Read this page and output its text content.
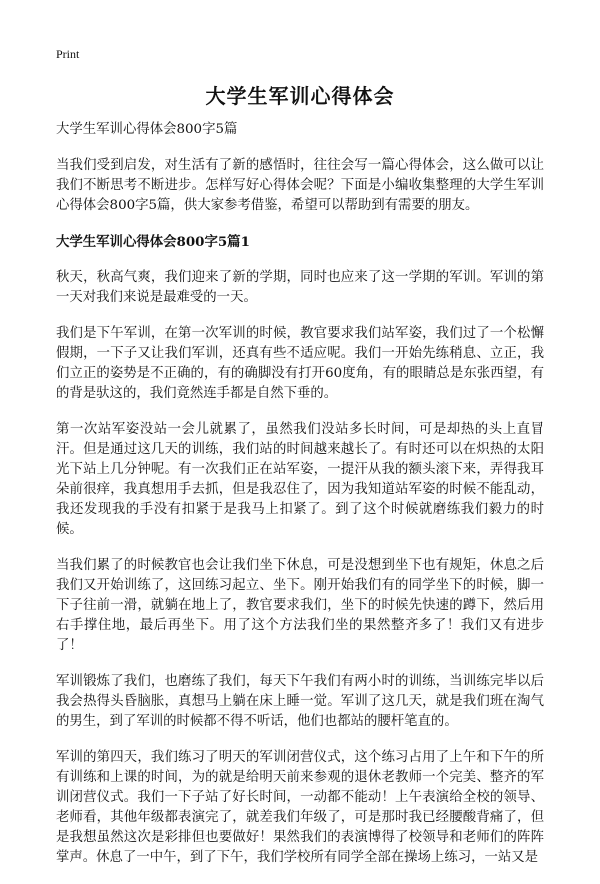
Print
大学生军训心得体会

大学生军训心得体会800字5篇

当我们受到启发，对生活有了新的感悟时，往往会写一篇心得体会，这么做可以让我们不断思考不断进步。怎样写好心得体会呢？下面是小编收集整理的大学生军训心得体会800字5篇，供大家参考借鉴，希望可以帮助到有需要的朋友。

大学生军训心得体会800字5篇1

秋天，秋高气爽，我们迎来了新的学期，同时也应来了这一学期的军训。军训的第一天对我们来说是最难受的一天。

我们是下午军训，在第一次军训的时候，教官要求我们站军姿，我们过了一个松懈假期，一下子又让我们军训，还真有些不适应呢。我们一开始先练稍息、立正，我们立正的姿势是不正确的，有的确脚没有打开60度角，有的眼睛总是东张西望，有的背是驮这的，我们竟然连手都是自然下垂的。

第一次站军姿没站一会儿就累了，虽然我们没站多长时间，可是却热的头上直冒汗。但是通过这几天的训练，我们站的时间越来越长了。有时还可以在炽热的太阳光下站上几分钟呢。有一次我们正在站军姿，一提汗从我的额头滚下来，弄得我耳朵前很痒，我真想用手去抓，但是我忍住了，因为我知道站军姿的时候不能乱动，我还发现我的手没有扣紧于是我马上扣紧了。到了这个时候就磨练我们毅力的时候。

当我们累了的时候教官也会让我们坐下休息，可是没想到坐下也有规矩，休息之后我们又开始训练了，这回练习起立、坐下。刚开始我们有的同学坐下的时候，脚一下子往前一滑，就躺在地上了，教官要求我们，坐下的时候先快速的蹲下，然后用右手撑住地，最后再坐下。用了这个方法我们坐的果然整齐多了！我们又有进步了！

军训锻炼了我们，也磨练了我们，每天下午我们有两小时的训练，当训练完毕以后我会热得头昏脑胀，真想马上躺在床上睡一觉。军训了这几天，就是我们班在淘气的男生，到了军训的时候都不得不听话，他们也都站的腰杆笔直的。

军训的第四天，我们练习了明天的军训闭营仪式，这个练习占用了上午和下午的所有训练和上课的时间，为的就是给明天前来参观的退休老教师一个完美、整齐的军训闭营仪式。我们一下子站了好长时间，一动都不能动！上午表演给全校的领导、老师看，其他年级都表演完了，就差我们年级了，可是那时我已经腰酸背痛了，但是我想虽然这次是彩排但也要做好！果然我们的表演博得了校领导和老师们的阵阵掌声。休息了一中午，到了下午，我们学校所有同学全部在操场上练习，一站又是
